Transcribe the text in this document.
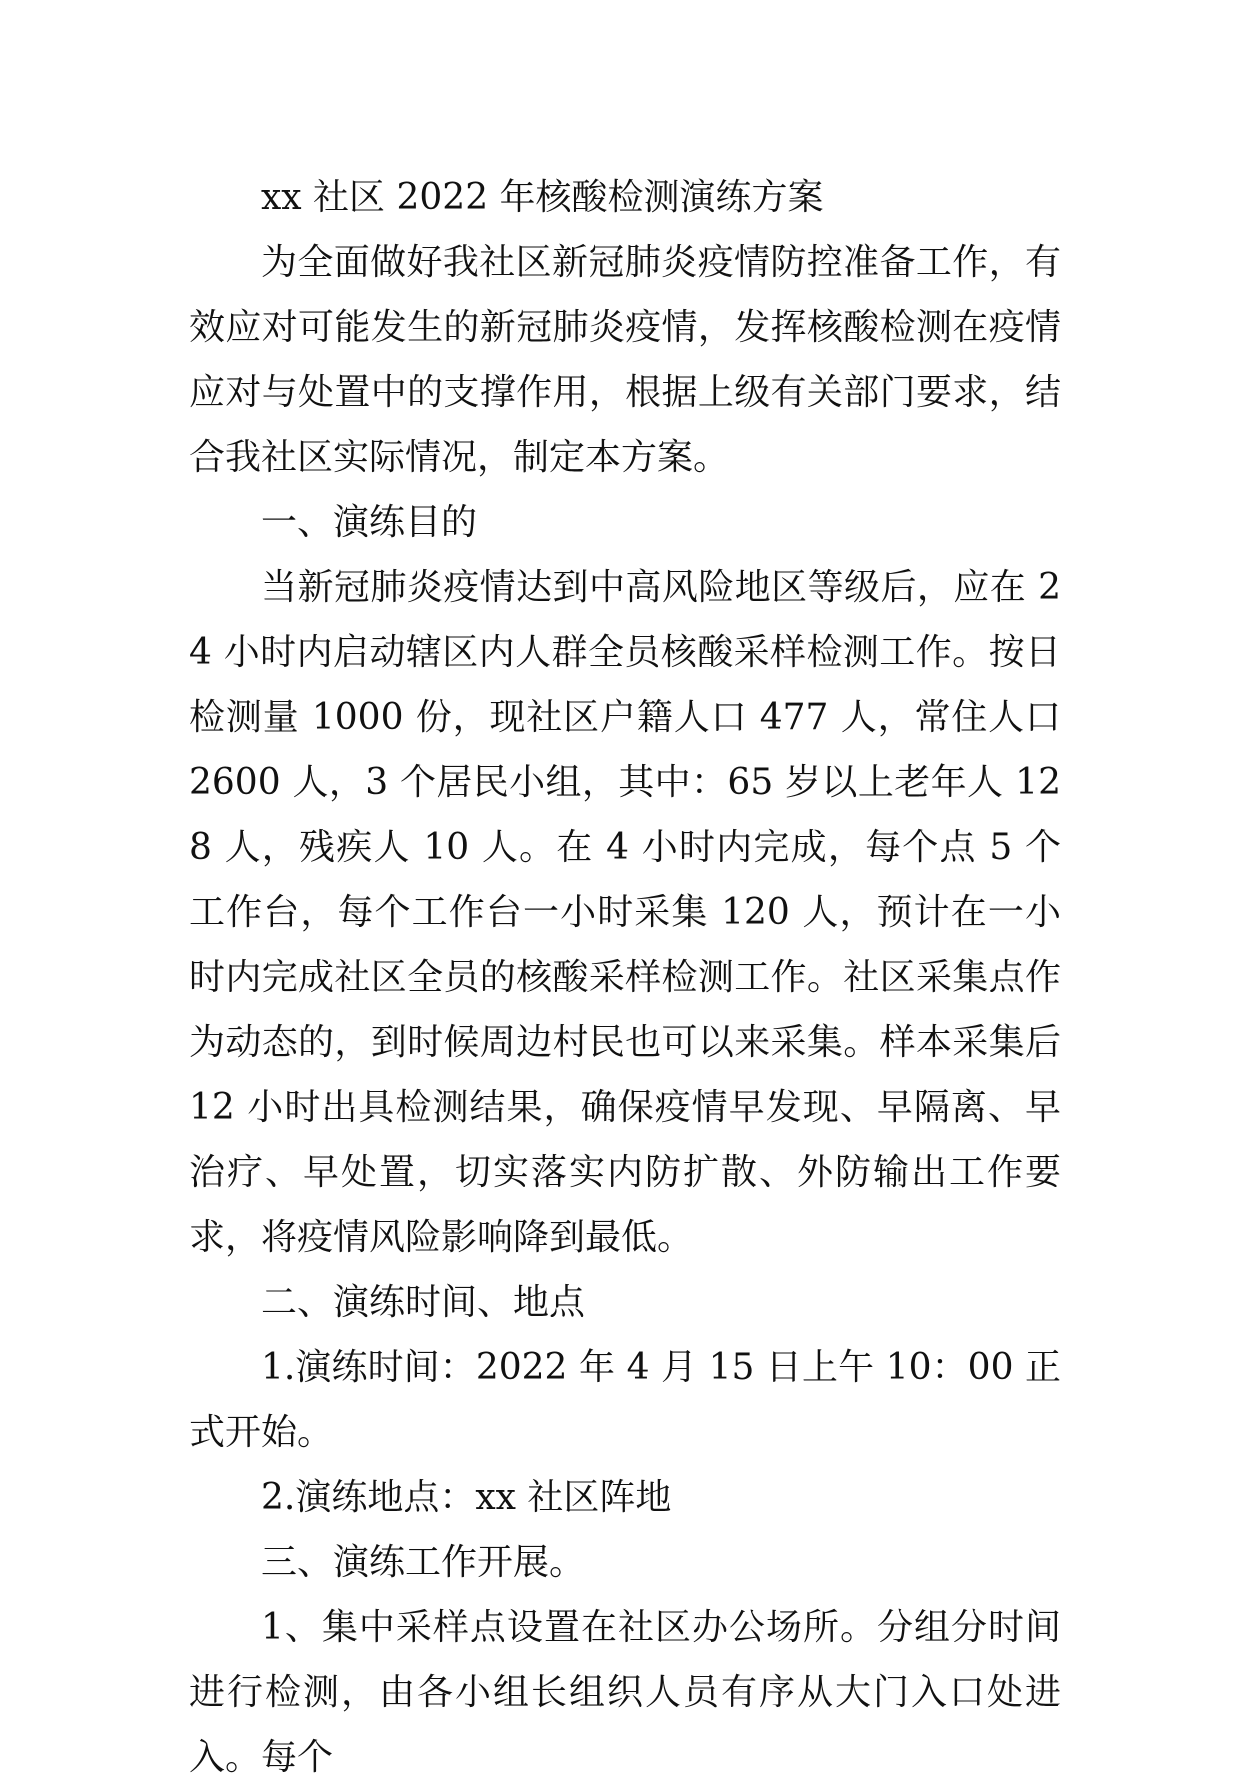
xx 社区 2022 年核酸检测演练方案

为全面做好我社区新冠肺炎疫情防控准备工作，有效应对可能发生的新冠肺炎疫情，发挥核酸检测在疫情应对与处置中的支撑作用，根据上级有关部门要求，结合我社区实际情况，制定本方案。

一、演练目的

当新冠肺炎疫情达到中高风险地区等级后，应在 24 小时内启动辖区内人群全员核酸采样检测工作。按日检测量 1000 份，现社区户籍人口 477 人，常住人口 2600 人，3 个居民小组，其中：65 岁以上老年人 128 人，残疾人 10 人。在 4 小时内完成，每个点 5 个工作台，每个工作台一小时采集 120 人，预计在一小时内完成社区全员的核酸采样检测工作。社区采集点作为动态的，到时候周边村民也可以来采集。样本采集后 12 小时出具检测结果，确保疫情早发现、早隔离、早治疗、早处置，切实落实内防扩散、外防输出工作要求，将疫情风险影响降到最低。

二、演练时间、地点

1.演练时间：2022 年 4 月 15 日上午 10：00 正式开始。

2.演练地点：xx 社区阵地

三、演练工作开展。

1、集中采样点设置在社区办公场所。分组分时间进行检测，由各小组长组织人员有序从大门入口处进入。每个
